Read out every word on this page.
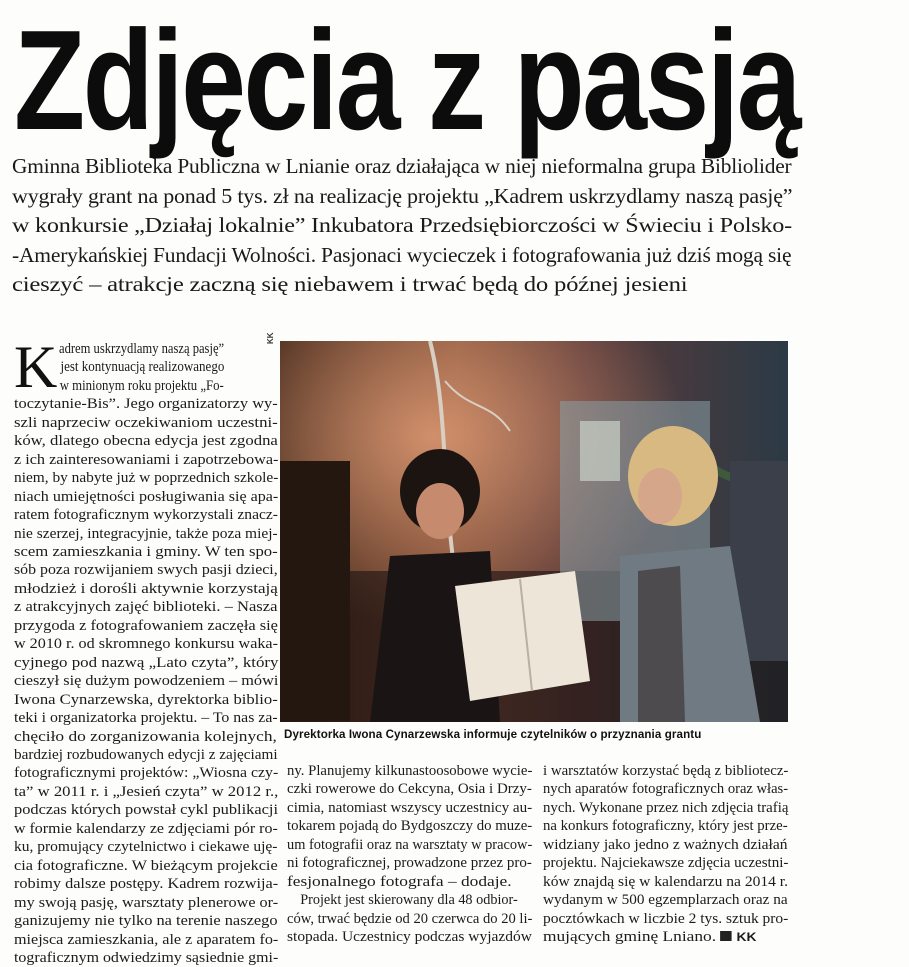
Zdjęcia z pasją
Gminna Biblioteka Publiczna w Lnianie oraz działająca w niej nieformalna grupa Bibliolider
wygrały grant na ponad 5 tys. zł na realizację projektu „Kadrem uskrzydlamy naszą pasję”
w konkursie „Działaj lokalnie” Inkubatora Przedsiębiorczości w Świeciu i Polsko-
-Amerykańskiej Fundacji Wolności. Pasjonaci wycieczek i fotografowania już dziś mogą się
cieszyć – atrakcje zaczną się niebawem i trwać będą do późnej jesieni
K adrem uskrzydlamy naszą pasję”
jest kontynuacją realizowanego
w minionym roku projektu „Fo-
toczytanie-Bis”. Jego organizatorzy wy-
szli naprzeciw oczekiwaniom uczestni-
ków, dlatego obecna edycja jest zgodna
z ich zainteresowaniami i zapotrzebowa-
niem, by nabyte już w poprzednich szkole-
niach umiejętności posługiwania się apa-
ratem fotograficznym wykorzystali znacz-
nie szerzej, integracyjnie, także poza miej-
scem zamieszkania i gminy. W ten spo-
sób poza rozwijaniem swych pasji dzieci,
młodzież i dorośli aktywnie korzystają
z atrakcyjnych zajęć biblioteki. – Nasza
przygoda z fotografowaniem zaczęła się
w 2010 r. od skromnego konkursu waka-
cyjnego pod nazwą „Lato czyta”, który
cieszył się dużym powodzeniem – mówi
Iwona Cynarzewska, dyrektorka biblio-
teki i organizatorka projektu. – To nas za-
chęciło do zorganizowania kolejnych,
bardziej rozbudowanych edycji z zajęciami
fotograficznymi projektów: „Wiosna czy-
ta” w 2011 r. i „Jesień czyta” w 2012 r.,
podczas których powstał cykl publikacji
w formie kalendarzy ze zdjęciami pór ro-
ku, promujący czytelnictwo i ciekawe uję-
cia fotograficzne. W bieżącym projekcie
robimy dalsze postępy. Kadrem rozwija-
my swoją pasję, warsztaty plenerowe or-
ganizujemy nie tylko na terenie naszego
miejsca zamieszkania, ale z aparatem fo-
tograficznym odwiedzimy sąsiednie gmi-
KK
Dyrektorka Iwona Cynarzewska informuje czytelników o przyznania grantu
ny. Planujemy kilkunastoosobowe wycie-
czki rowerowe do Cekcyna, Osia i Drzy-
cimia, natomiast wszyscy uczestnicy au-
tokarem pojadą do Bydgoszczy do muze-
um fotografii oraz na warsztaty w pracow-
ni fotograficznej, prowadzone przez pro-
fesjonalnego fotografa – dodaje.
Projekt jest skierowany dla 48 odbior-
ców, trwać będzie od 20 czerwca do 20 li-
stopada. Uczestnicy podczas wyjazdów
i warsztatów korzystać będą z bibliotecz-
nych aparatów fotograficznych oraz włas-
nych. Wykonane przez nich zdjęcia trafią
na konkurs fotograficzny, który jest prze-
widziany jako jedno z ważnych działań
projektu. Najciekawsze zdjęcia uczestni-
ków znajdą się w kalendarzu na 2014 r.
wydanym w 500 egzemplarzach oraz na
pocztówkach w liczbie 2 tys. sztuk pro-
mujących gminę Lniano. KK
